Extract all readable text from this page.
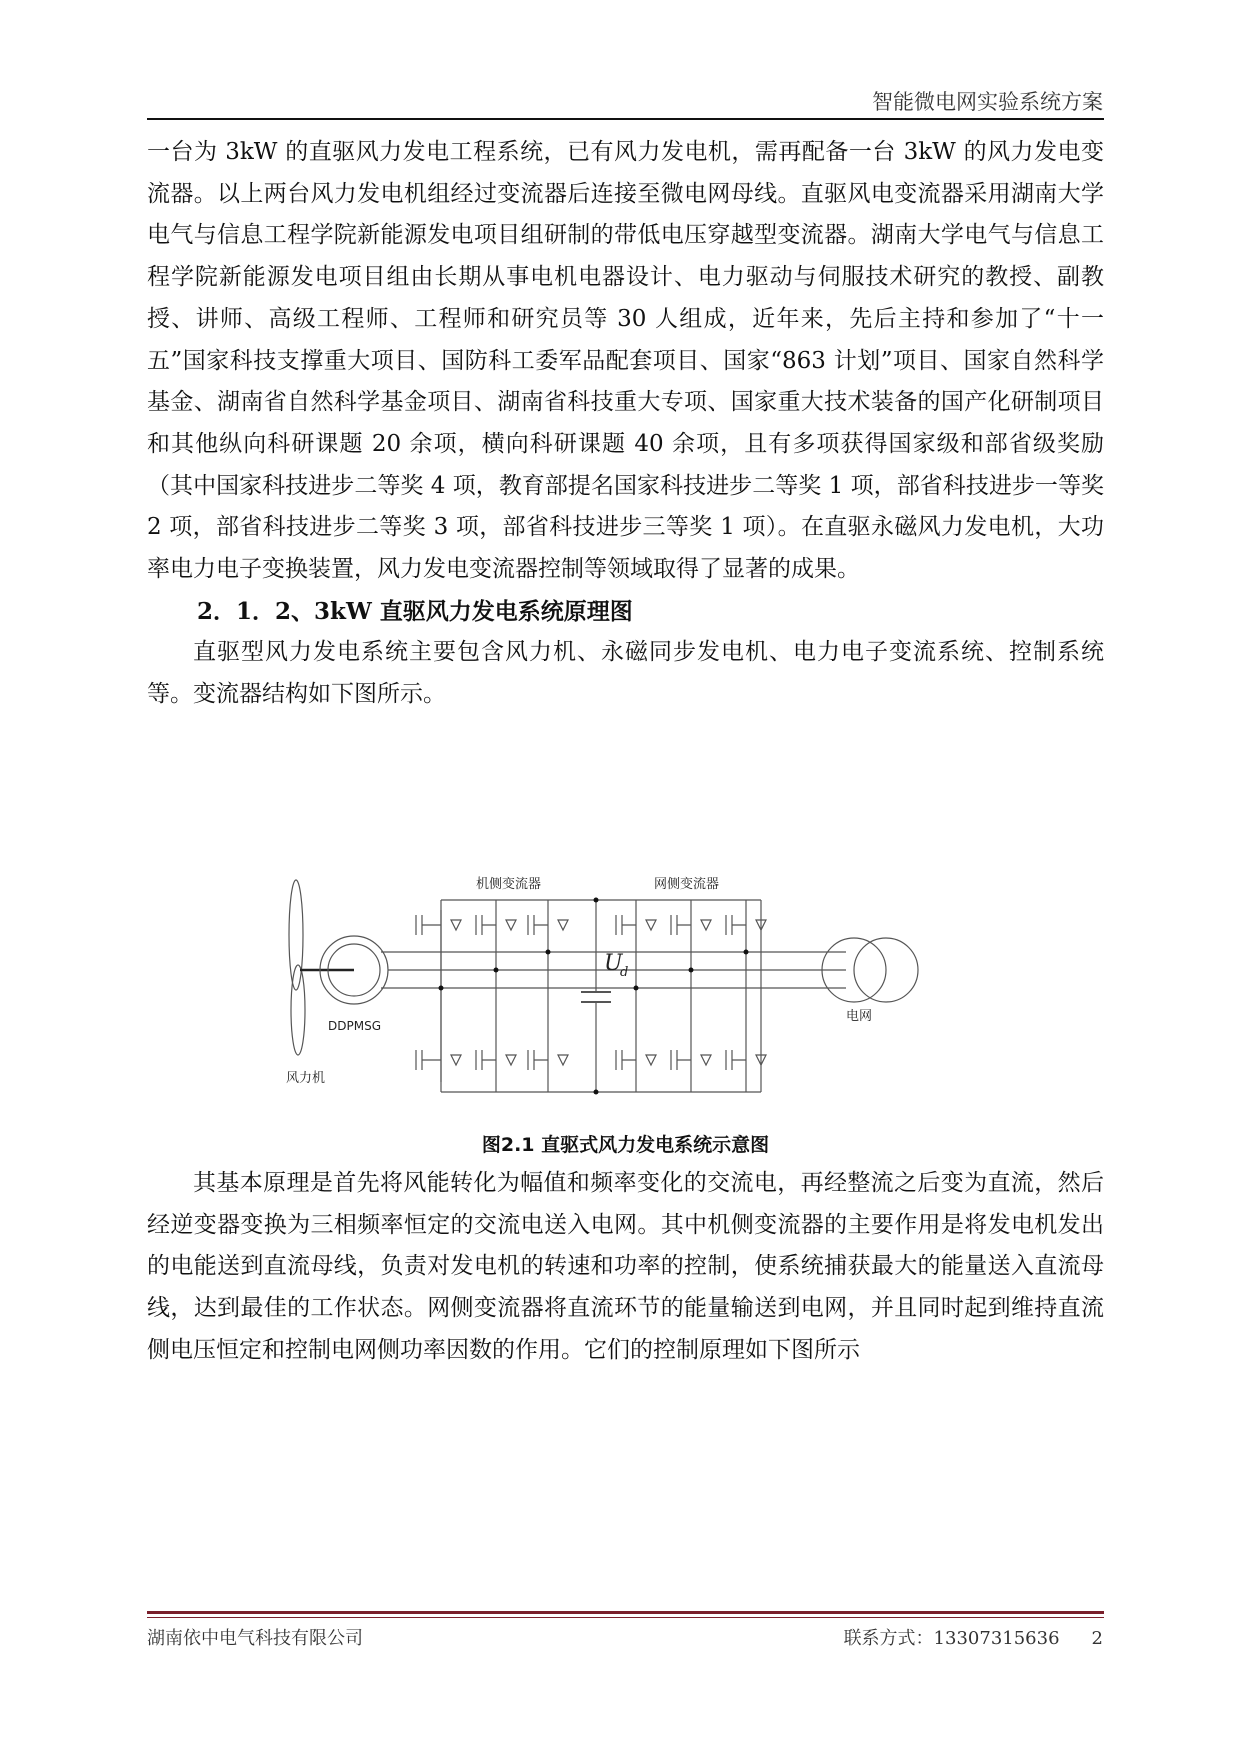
智能微电网实验系统方案

一台为 3kW 的直驱风力发电工程系统，已有风力发电机，需再配备一台 3kW 的风力发电变流器。以上两台风力发电机组经过变流器后连接至微电网母线。直驱风电变流器采用湖南大学电气与信息工程学院新能源发电项目组研制的带低电压穿越型变流器。湖南大学电气与信息工程学院新能源发电项目组由长期从事电机电器设计、电力驱动与伺服技术研究的教授、副教授、讲师、高级工程师、工程师和研究员等 30 人组成，近年来，先后主持和参加了“十一五”国家科技支撑重大项目、国防科工委军品配套项目、国家“863 计划”项目、国家自然科学基金、湖南省自然科学基金项目、湖南省科技重大专项、国家重大技术装备的国产化研制项目和其他纵向科研课题 20 余项，横向科研课题 40 余项，且有多项获得国家级和部省级奖励（其中国家科技进步二等奖 4 项，教育部提名国家科技进步二等奖 1 项，部省科技进步一等奖 2 项，部省科技进步二等奖 3 项，部省科技进步三等奖 1 项）。在直驱永磁风力发电机，大功率电力电子变换装置，风力发电变流器控制等领域取得了显著的成果。

2．1．2、3kW 直驱风力发电系统原理图

直驱型风力发电系统主要包含风力机、永磁同步发电机、电力电子变流系统、控制系统等。变流器结构如下图所示。

机侧变流器	网侧变流器
DDPMSG
风力机
电网
U
d
图2.1 直驱式风力发电系统示意图

其基本原理是首先将风能转化为幅值和频率变化的交流电，再经整流之后变为直流，然后经逆变器变换为三相频率恒定的交流电送入电网。其中机侧变流器的主要作用是将发电机发出的电能送到直流母线，负责对发电机的转速和功率的控制，使系统捕获最大的能量送入直流母线，达到最佳的工作状态。网侧变流器将直流环节的能量输送到电网，并且同时起到维持直流侧电压恒定和控制电网侧功率因数的作用。它们的控制原理如下图所示

湖南依中电气科技有限公司	联系方式：13307315636 2
